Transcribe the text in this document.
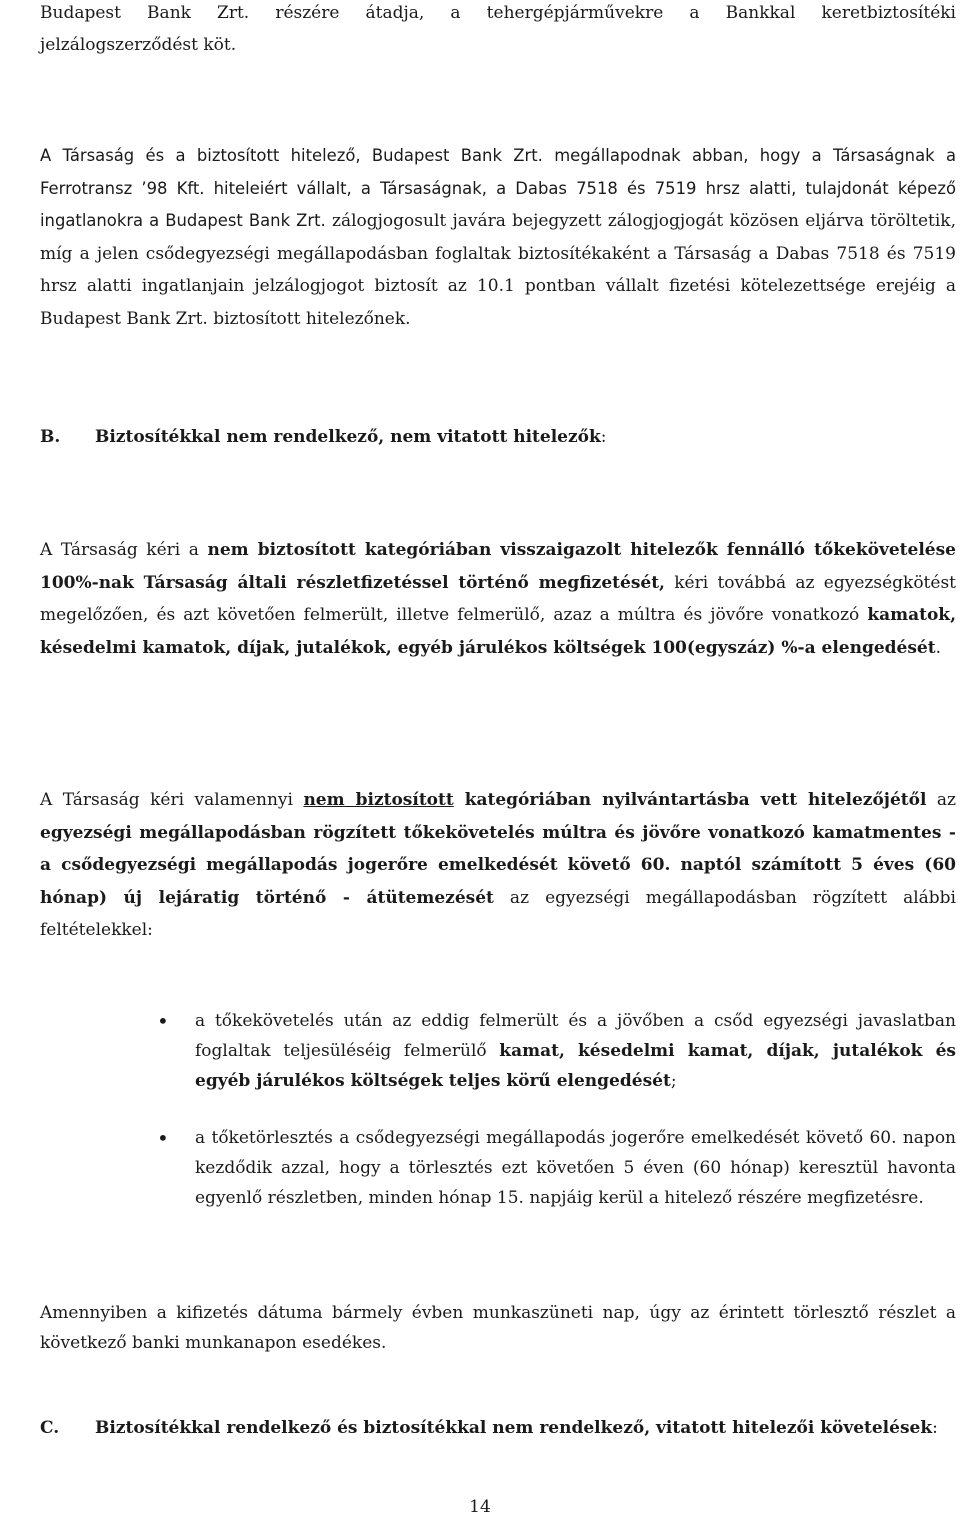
Budapest Bank Zrt. részére átadja, a tehergépjárművekre a Bankkal keretbiztosítéki

jelzálogszerződést köt.

A Társaság és a biztosított hitelező, Budapest Bank Zrt. megállapodnak abban, hogy a Társaságnak a Ferrotransz ’98 Kft. hiteleiért vállalt, a Társaságnak, a Dabas 7518 és 7519 hrsz alatti, tulajdonát képező ingatlanokra a Budapest Bank Zrt. zálogjogosult javára bejegyzett zálogjogjogát közösen eljárva töröltetik, míg a jelen csődegyezségi megállapodásban foglaltak biztosítékaként a Társaság a Dabas 7518 és 7519 hrsz alatti ingatlanjain jelzálogjogot biztosít az 10.1 pontban vállalt fizetési kötelezettsége erejéig a Budapest Bank Zrt. biztosított hitelezőnek.

B.	Biztosítékkal nem rendelkező, nem vitatott hitelezők :

A Társaság kéri a nem biztosított kategóriában visszaigazolt hitelezők fennálló tőkekövetelése 100%-nak Társaság általi részletfizetéssel történő megfizetését, kéri továbbá az egyezségkötést megelőzően, és azt követően felmerült, illetve felmerülő, azaz a múltra és jövőre vonatkozó kamatok, késedelmi kamatok, díjak, jutalékok, egyéb járulékos költségek 100(egyszáz) %-a elengedését.

A Társaság kéri valamennyi nem biztosított kategóriában nyilvántartásba vett hitelezőjétől az egyezségi megállapodásban rögzített tőkekövetelés múltra és jövőre vonatkozó kamatmentes - a csődegyezségi megállapodás jogerőre emelkedését követő 60. naptól számított 5 éves (60 hónap) új lejáratig történő - átütemezését az egyezségi megállapodásban rögzített alábbi feltételekkel:

• a tőkekövetelés után az eddig felmerült és a jövőben a csőd egyezségi javaslatban foglaltak teljesüléséig felmerülő kamat, késedelmi kamat, díjak, jutalékok és egyéb járulékos költségek teljes körű elengedését;

• a tőketörlesztés a csődegyezségi megállapodás jogerőre emelkedését követő 60. napon kezdődik azzal, hogy a törlesztés ezt követően 5 éven (60 hónap) keresztül havonta egyenlő részletben, minden hónap 15. napjáig kerül a hitelező részére megfizetésre.

Amennyiben a kifizetés dátuma bármely évben munkaszüneti nap, úgy az érintett törlesztő részlet a következő banki munkanapon esedékes.

C.	Biztosítékkal rendelkező és biztosítékkal nem rendelkező, vitatott hitelezői követelések :
14
